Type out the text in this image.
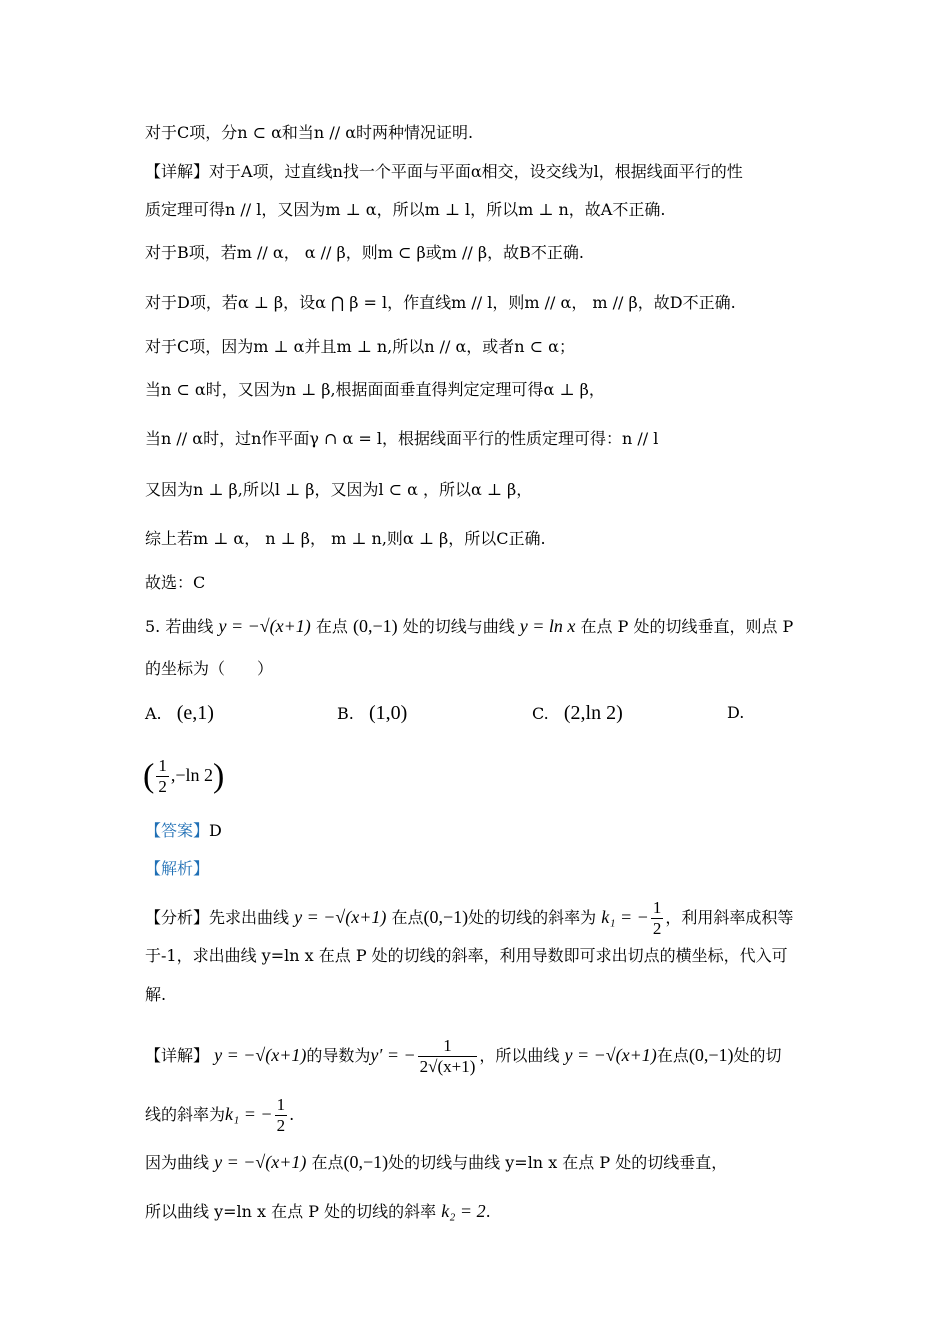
对于C项，分n ⊂ α和当n // α时两种情况证明.
【详解】对于A项，过直线n找一个平面与平面α相交，设交线为l，根据线面平行的性
质定理可得n // l，又因为m ⊥ α，所以m ⊥ l，所以m ⊥ n，故A不正确.
对于B项，若m // α， α // β，则m ⊂ β或m // β，故B不正确.
对于D项，若α ⊥ β，设α ⋂ β = l，作直线m // l，则m // α， m // β，故D不正确.
对于C项，因为m ⊥ α并且m ⊥ n,所以n // α，或者n ⊂ α；
当n ⊂ α时，又因为n ⊥ β,根据面面垂直得判定定理可得α ⊥ β，
当n // α时，过n作平面γ ∩ α = l，根据线面平行的性质定理可得：n // l
又因为n ⊥ β,所以l ⊥ β，又因为l ⊂ α ，所以α ⊥ β，
综上若m ⊥ α， n ⊥ β， m ⊥ n,则α ⊥ β，所以C正确.
故选：C
5. 若曲线 y = −√(x+1) 在点 (0,−1) 处的切线与曲线 y = ln x 在点 P 处的切线垂直，则点 P
的坐标为（　　）
A. (e,1)	B. (1,0)	C. (2,ln 2)	D.
( $\frac{1}{2} ,-\ln$ 2)
【答案】D
【解析】
【分析】先求出曲线 y = −√(x+1) 在点(0,−1)处的切线的斜率为 k₁ = − $\frac{1}{2}$ ，利用斜率成积等
于-1，求出曲线 y=ln x 在点 P 处的切线的斜率，利用导数即可求出切点的横坐标，代入可
解.
【详解】 y = −√(x+1)的导数为y′ = − $\frac{1}{2√(x+1)}$ ，所以曲线 y = −√(x+1)在点(0,−1)处的切
线的斜率为k₁ = − $\frac{1}{2}$ .
因为曲线 y = −√(x+1) 在点(0,−1)处的切线与曲线 y=ln x 在点 P 处的切线垂直，
所以曲线 y=ln x 在点 P 处的切线的斜率 k₂ = 2.
